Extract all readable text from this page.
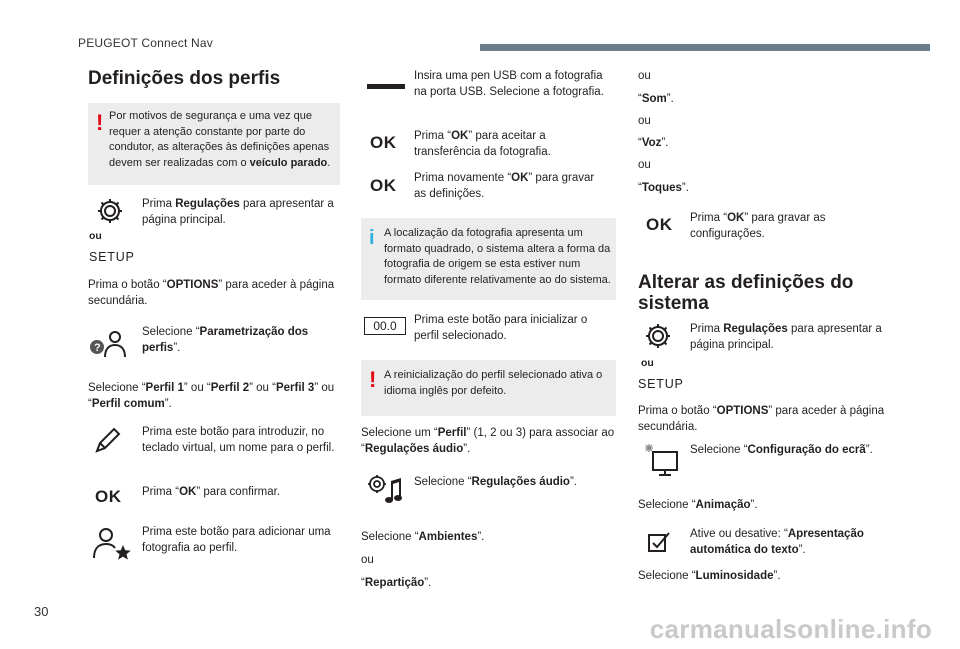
PEUGEOT Connect Nav
Definições dos perfis
! Por motivos de segurança e uma vez que requer a atenção constante por parte do condutor, as alterações às definições apenas devem ser realizadas com o veículo parado.

Prima Regulações para apresentar a página principal.

ou
SETUP

Prima o botão “OPTIONS” para aceder à página secundária.

?

Selecione “Parametrização dos perfis”.

Selecione “Perfil 1” ou “Perfil 2” ou “Perfil 3” ou “Perfil comum”.

Prima este botão para introduzir, no teclado virtual, um nome para o perfil.

OK Prima “OK” para confirmar.

Prima este botão para adicionar uma fotografia ao perfil.

Insira uma pen USB com a fotografia na porta USB. Selecione a fotografia.

OK Prima “OK” para aceitar a transferência da fotografia.

OK Prima novamente “OK” para gravar as definições.

i A localização da fotografia apresenta um formato quadrado, o sistema altera a forma da fotografia de origem se esta estiver num formato diferente relativamente ao do sistema.

00.0	Prima este botão para inicializar o perfil selecionado.

! A reinicialização do perfil selecionado ativa o idioma inglês por defeito.

Selecione um “Perfil” (1, 2 ou 3) para associar ao “Regulações áudio”.

Selecione “Regulações áudio”.

Selecione “Ambientes”.

ou

“Repartição”.

ou

“Som”.

ou

“Voz”.

ou

“Toques”.

OK Prima “OK” para gravar as configurações.

Alterar as definições do sistema

Prima Regulações para apresentar a página principal.

ou
SETUP

Prima o botão “OPTIONS” para aceder à página secundária.

Selecione “Configuração do ecrã”.

Selecione “Animação”.

Ative ou desative: “Apresentação automática do texto”.

Selecione “Luminosidade”.

30
carmanualsonline.info
